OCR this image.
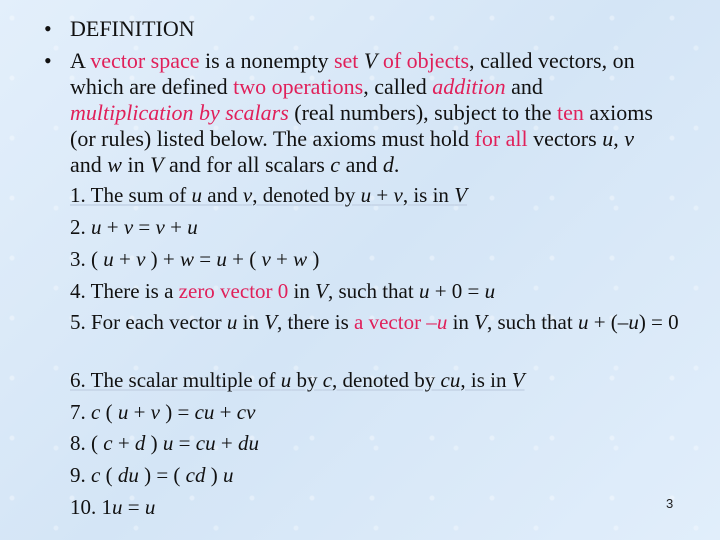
• DEFINITION
• A vector space is a nonempty set V of objects, called vectors, on which are defined two operations, called addition and multiplication by scalars (real numbers), subject to the ten axioms (or rules) listed below. The axioms must hold for all vectors u, v and w in V and for all scalars c and d.
1. The sum of u and v, denoted by u + v, is in V
2. u + v = v + u
3. ( u + v ) + w = u + ( v + w )
4. There is a zero vector 0 in V, such that u + 0 = u
5. For each vector u in V, there is a vector –u in V, such that u + (–u) = 0
6. The scalar multiple of u by c, denoted by cu, is in V
7. c ( u + v ) = cu + cv
8. ( c + d ) u = cu + du
9. c ( du ) = ( cd ) u
10. 1u = u	3
